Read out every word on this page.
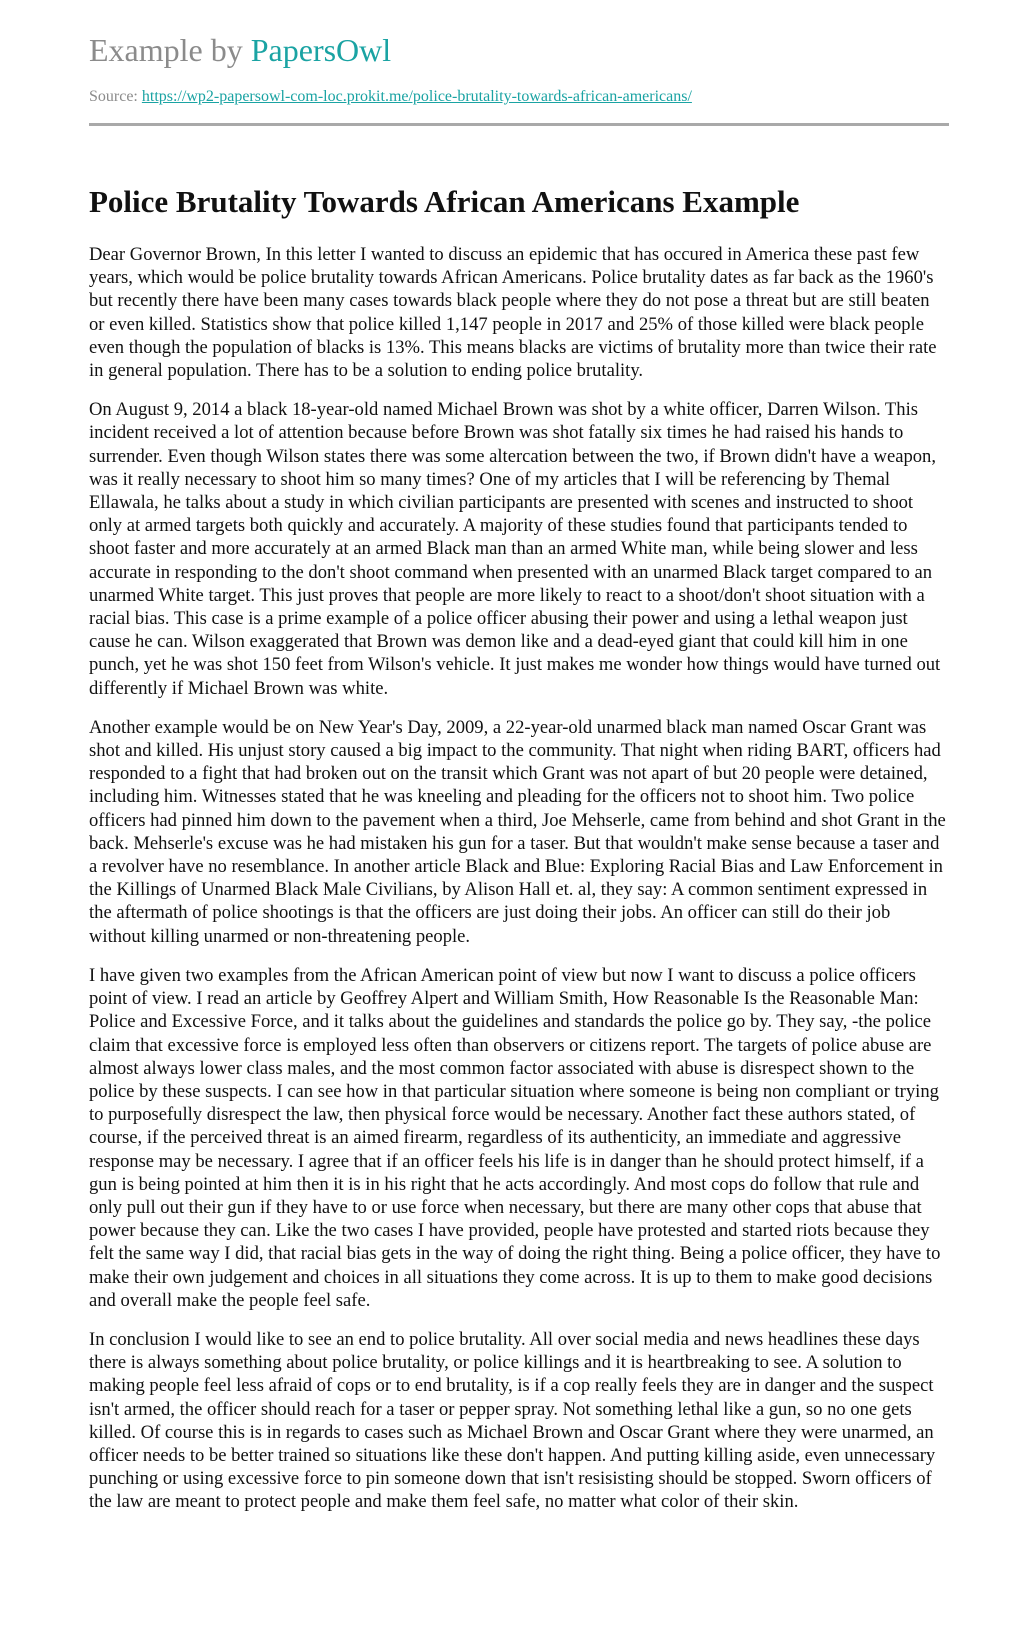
Example by PapersOwl
Source: https://wp2-papersowl-com-loc.prokit.me/police-brutality-towards-african-americans/
Police Brutality Towards African Americans Example

Dear Governor Brown, In this letter I wanted to discuss an epidemic that has occured in America these past few years, which would be police brutality towards African Americans. Police brutality dates as far back as the 1960's but recently there have been many cases towards black people where they do not pose a threat but are still beaten or even killed. Statistics show that police killed 1,147 people in 2017 and 25% of those killed were black people even though the population of blacks is 13%. This means blacks are victims of brutality more than twice their rate in general population. There has to be a solution to ending police brutality.

On August 9, 2014 a black 18-year-old named Michael Brown was shot by a white officer, Darren Wilson. This incident received a lot of attention because before Brown was shot fatally six times he had raised his hands to surrender. Even though Wilson states there was some altercation between the two, if Brown didn't have a weapon, was it really necessary to shoot him so many times? One of my articles that I will be referencing by Themal Ellawala, he talks about a study in which civilian participants are presented with scenes and instructed to shoot only at armed targets both quickly and accurately. A majority of these studies found that participants tended to shoot faster and more accurately at an armed Black man than an armed White man, while being slower and less accurate in responding to the don't shoot command when presented with an unarmed Black target compared to an unarmed White target. This just proves that people are more likely to react to a shoot/don't shoot situation with a racial bias. This case is a prime example of a police officer abusing their power and using a lethal weapon just cause he can. Wilson exaggerated that Brown was demon like and a dead-eyed giant that could kill him in one punch, yet he was shot 150 feet from Wilson's vehicle. It just makes me wonder how things would have turned out differently if Michael Brown was white.

Another example would be on New Year's Day, 2009, a 22-year-old unarmed black man named Oscar Grant was shot and killed. His unjust story caused a big impact to the community. That night when riding BART, officers had responded to a fight that had broken out on the transit which Grant was not apart of but 20 people were detained, including him. Witnesses stated that he was kneeling and pleading for the officers not to shoot him. Two police officers had pinned him down to the pavement when a third, Joe Mehserle, came from behind and shot Grant in the back. Mehserle's excuse was he had mistaken his gun for a taser. But that wouldn't make sense because a taser and a revolver have no resemblance. In another article Black and Blue: Exploring Racial Bias and Law Enforcement in the Killings of Unarmed Black Male Civilians, by Alison Hall et. al, they say: A common sentiment expressed in the aftermath of police shootings is that the officers are just doing their jobs. An officer can still do their job without killing unarmed or non-threatening people.

I have given two examples from the African American point of view but now I want to discuss a police officers point of view. I read an article by Geoffrey Alpert and William Smith, How Reasonable Is the Reasonable Man: Police and Excessive Force, and it talks about the guidelines and standards the police go by. They say, -the police claim that excessive force is employed less often than observers or citizens report. The targets of police abuse are almost always lower class males, and the most common factor associated with abuse is disrespect shown to the police by these suspects. I can see how in that particular situation where someone is being non compliant or trying to purposefully disrespect the law, then physical force would be necessary. Another fact these authors stated, of course, if the perceived threat is an aimed firearm, regardless of its authenticity, an immediate and aggressive response may be necessary. I agree that if an officer feels his life is in danger than he should protect himself, if a gun is being pointed at him then it is in his right that he acts accordingly. And most cops do follow that rule and only pull out their gun if they have to or use force when necessary, but there are many other cops that abuse that power because they can. Like the two cases I have provided, people have protested and started riots because they felt the same way I did, that racial bias gets in the way of doing the right thing. Being a police officer, they have to make their own judgement and choices in all situations they come across. It is up to them to make good decisions and overall make the people feel safe.

In conclusion I would like to see an end to police brutality. All over social media and news headlines these days there is always something about police brutality, or police killings and it is heartbreaking to see. A solution to making people feel less afraid of cops or to end brutality, is if a cop really feels they are in danger and the suspect isn't armed, the officer should reach for a taser or pepper spray. Not something lethal like a gun, so no one gets killed. Of course this is in regards to cases such as Michael Brown and Oscar Grant where they were unarmed, an officer needs to be better trained so situations like these don't happen. And putting killing aside, even unnecessary punching or using excessive force to pin someone down that isn't resisisting should be stopped. Sworn officers of the law are meant to protect people and make them feel safe, no matter what color of their skin.
